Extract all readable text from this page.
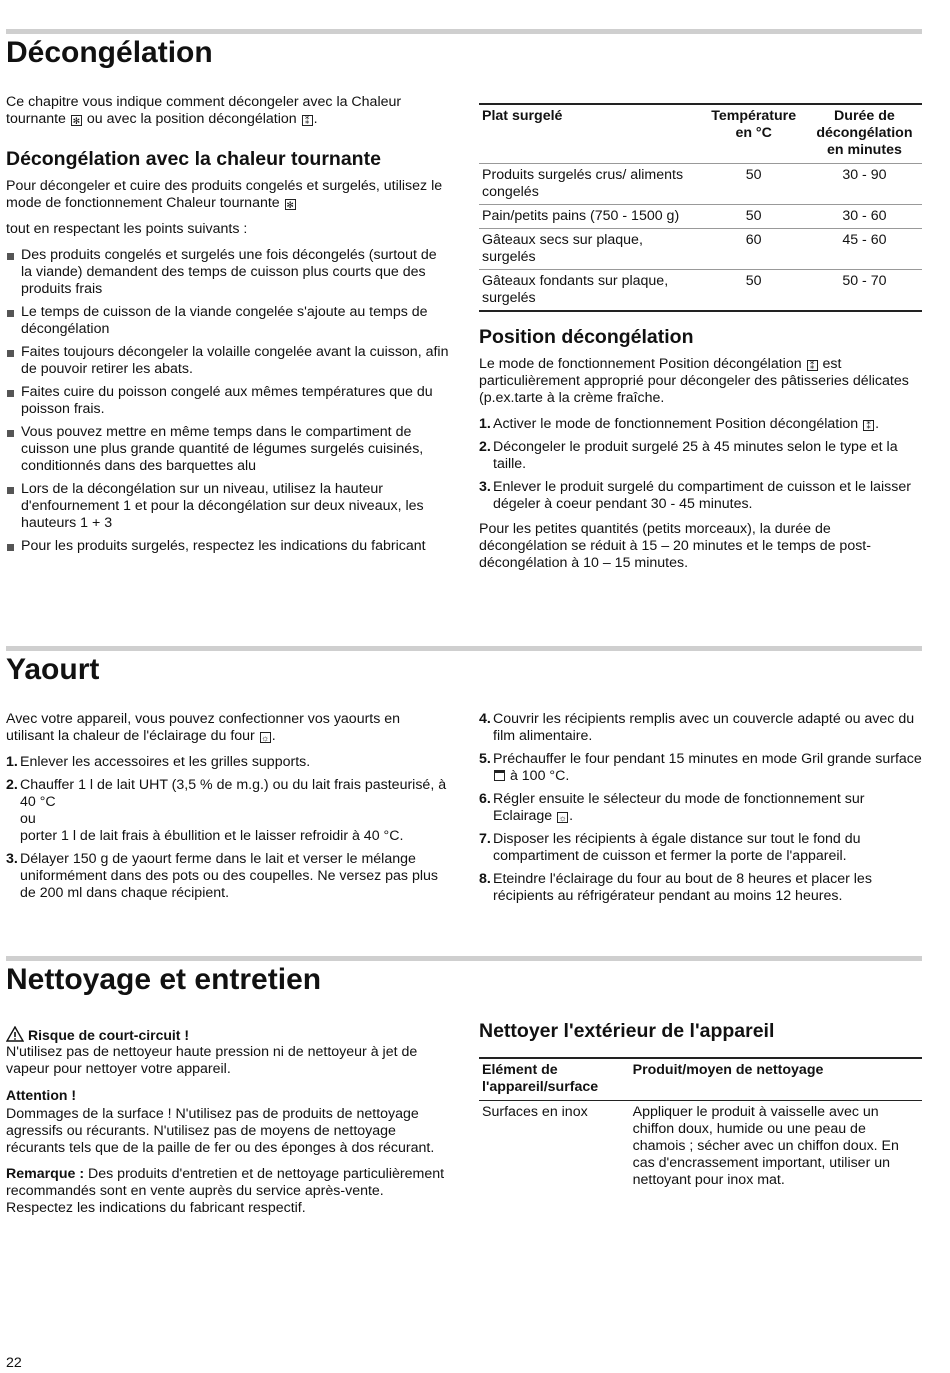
Décongélation

Ce chapitre vous indique comment décongeler avec la Chaleur tournante ✻ ou avec la position décongélation ⁑ .

Décongélation avec la chaleur tournante

Pour décongeler et cuire des produits congelés et surgelés, utilisez le mode de fonctionnement Chaleur tournante ✻

tout en respectant les points suivants :

Des produits congelés et surgelés une fois décongelés (surtout de la viande) demandent des temps de cuisson plus courts que des produits frais
Le temps de cuisson de la viande congelée s'ajoute au temps de décongélation
Faites toujours décongeler la volaille congelée avant la cuisson, afin de pouvoir retirer les abats.
Faites cuire du poisson congelé aux mêmes températures que du poisson frais.
Vous pouvez mettre en même temps dans le compartiment de cuisson une plus grande quantité de légumes surgelés cuisinés, conditionnés dans des barquettes alu
Lors de la décongélation sur un niveau, utilisez la hauteur d'enfournement 1 et pour la décongélation sur deux niveaux, les hauteurs 1 + 3
Pour les produits surgelés, respectez les indications du fabricant
Plat surgelé	Température en °C	Durée de décongélation en minutes
Produits surgelés crus/ aliments congelés	50	30 - 90
Pain/petits pains (750 - 1500 g)	50	30 - 60
Gâteaux secs sur plaque, surgelés	60	45 - 60
Gâteaux fondants sur plaque, surgelés	50	50 - 70
Position décongélation

Le mode de fonctionnement Position décongélation ⁑ est particulièrement approprié pour décongeler des pâtisseries délicates (p.ex.tarte à la crème fraîche.

1. Activer le mode de fonctionnement Position décongélation ⁑ .
2. Décongeler le produit surgelé 25 à 45 minutes selon le type et la taille.
3. Enlever le produit surgelé du compartiment de cuisson et le laisser dégeler à coeur pendant 30 - 45 minutes.

Pour les petites quantités (petits morceaux), la durée de décongélation se réduit à 15 – 20 minutes et le temps de post-décongélation à 10 – 15 minutes.

Yaourt

Avec votre appareil, vous pouvez confectionner vos yaourts en utilisant la chaleur de l'éclairage du four ☼ .

1. Enlever les accessoires et les grilles supports.
2. Chauffer 1 l de lait UHT (3,5 % de m.g.) ou du lait frais pasteurisé, à 40 °C
ou
porter 1 l de lait frais à ébullition et le laisser refroidir à 40 °C.
3. Délayer 150 g de yaourt ferme dans le lait et verser le mélange uniformément dans des pots ou des coupelles. Ne versez pas plus de 200 ml dans chaque récipient.
4. Couvrir les récipients remplis avec un couvercle adapté ou avec du film alimentaire.
5. Préchauffer le four pendant 15 minutes en mode Gril grande surface  à 100 °C.
6. Régler ensuite le sélecteur du mode de fonctionnement sur Eclairage ☼ .
7. Disposer les récipients à égale distance sur tout le fond du compartiment de cuisson et fermer la porte de l'appareil.
8. Eteindre l'éclairage du four au bout de 8 heures et placer les récipients au réfrigérateur pendant au moins 12 heures.
Nettoyage et entretien
Risque de court-circuit !

N'utilisez pas de nettoyeur haute pression ni de nettoyeur à jet de vapeur pour nettoyer votre appareil.

Attention !

Dommages de la surface ! N'utilisez pas de produits de nettoyage agressifs ou récurants. N'utilisez pas de moyens de nettoyage récurants tels que de la paille de fer ou des éponges à dos récurant.

Remarque : Des produits d'entretien et de nettoyage particulièrement recommandés sont en vente auprès du service après-vente. Respectez les indications du fabricant respectif.

Nettoyer l'extérieur de l'appareil
Elément de l'appareil/surface	Produit/moyen de nettoyage
Surfaces en inox	Appliquer le produit à vaisselle avec un chiffon doux, humide ou une peau de chamois ; sécher avec un chiffon doux. En cas d'encrassement important, utiliser un nettoyant pour inox mat.
22
